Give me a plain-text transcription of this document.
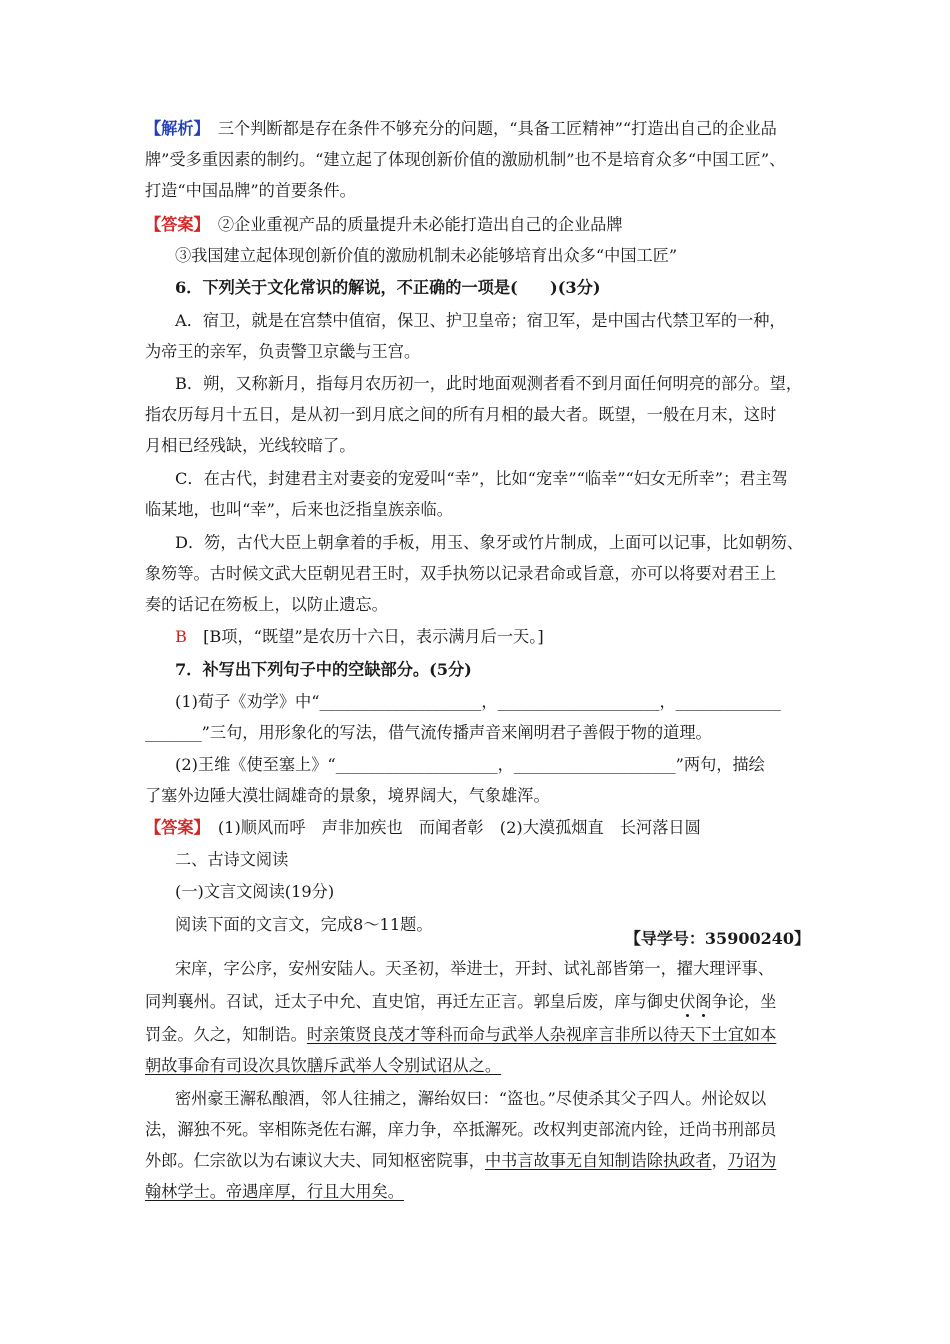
【解析】　三个判断都是存在条件不够充分的问题，“具备工匠精神”“打造出自己的企业品
牌”受多重因素的制约。“建立起了体现创新价值的激励机制”也不是培育众多“中国工匠”、
打造“中国品牌”的首要条件。
【答案】　②企业重视产品的质量提升未必能打造出自己的企业品牌
③我国建立起体现创新价值的激励机制未必能够培育出众多“中国工匠”
6．下列关于文化常识的解说，不正确的一项是(　　)(3分)
A．宿卫，就是在宫禁中值宿，保卫、护卫皇帝；宿卫军，是中国古代禁卫军的一种，
为帝王的亲军，负责警卫京畿与王宫。
B．朔，又称新月，指每月农历初一，此时地面观测者看不到月面任何明亮的部分。望，
指农历每月十五日，是从初一到月底之间的所有月相的最大者。既望，一般在月末，这时
月相已经残缺，光线较暗了。
C．在古代，封建君主对妻妾的宠爱叫“幸”，比如“宠幸”“临幸”“妇女无所幸”；君主驾
临某地，也叫“幸”，后来也泛指皇族亲临。
D．笏，古代大臣上朝拿着的手板，用玉、象牙或竹片制成，上面可以记事，比如朝笏、
象笏等。古时候文武大臣朝见君王时，双手执笏以记录君命或旨意，亦可以将要对君王上
奏的话记在笏板上，以防止遗忘。
B　[B项，“既望”是农历十六日，表示满月后一天。]
7．补写出下列句子中的空缺部分。(5分)
(1)荀子《劝学》中“____________________，____________________，_____________
_______”三句，用形象化的写法，借气流传播声音来阐明君子善假于物的道理。
(2)王维《使至塞上》“____________________，____________________”两句，描绘
了塞外边陲大漠壮阔雄奇的景象，境界阔大，气象雄浑。
【答案】　(1)顺风而呼　声非加疾也　而闻者彰　(2)大漠孤烟直　长河落日圆
二、古诗文阅读
(一)文言文阅读(19分)
阅读下面的文言文，完成8～11题。
【导学号：35900240】
宋庠，字公序，安州安陆人。天圣初，举进士，开封、试礼部皆第一，擢大理评事、
同判襄州。召试，迁太子中允、直史馆，再迁左正言。郭皇后废，庠与御史伏阁争论，坐
罚金。久之，知制诰。时亲策贤良茂才等科而命与武举人杂视庠言非所以待天下士宜如本
朝故事命有司设次具饮膳斥武举人令别试诏从之。
密州豪王澥私酿酒，邻人往捕之，澥绐奴曰：“盗也。”尽使杀其父子四人。州论奴以
法，澥独不死。宰相陈尧佐右澥，庠力争，卒抵澥死。改权判吏部流内铨，迁尚书刑部员
外郎。仁宗欲以为右谏议大夫、同知枢密院事，中书言故事无自知制诰除执政者，乃诏为
翰林学士。帝遇庠厚，行且大用矣。
